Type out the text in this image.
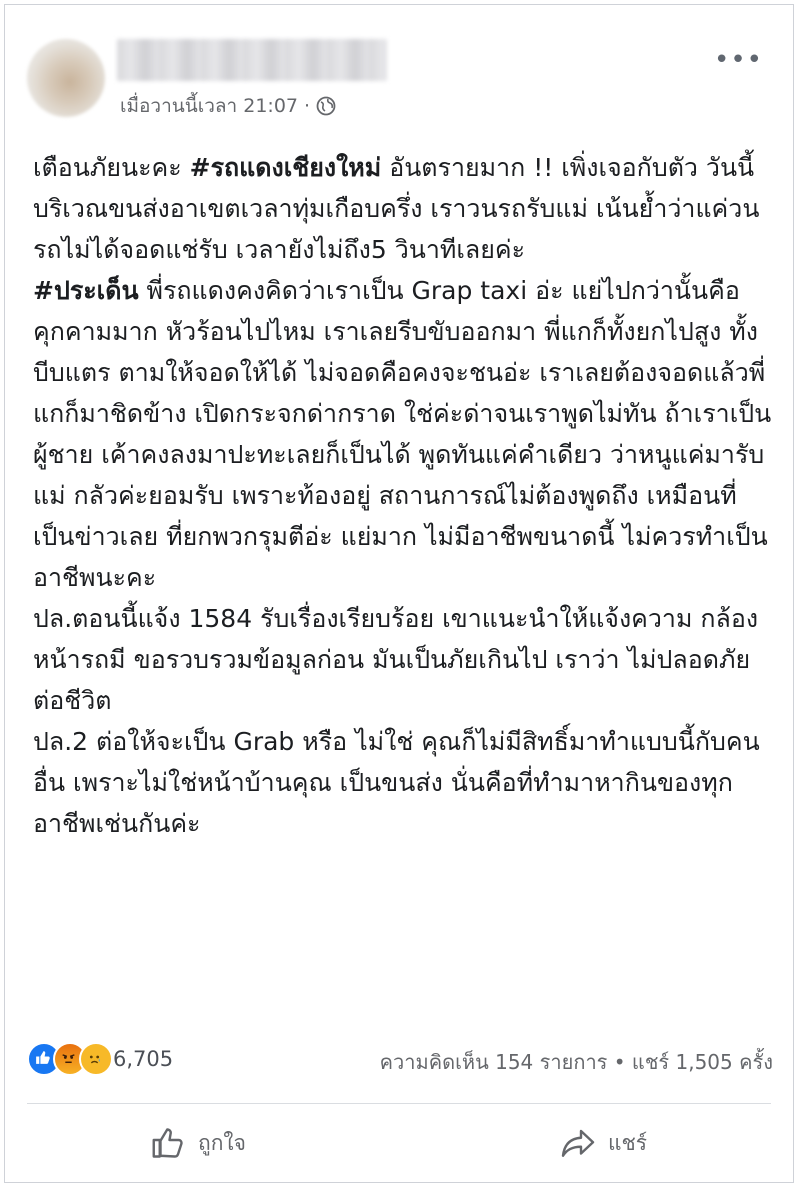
เมื่อวานนี้เวลา 21:07 ·
•••

เตือนภัยนะคะ #รถแดงเชียงใหม่ อันตรายมาก !! เพิ่งเจอกับตัว วันนี้

บริเวณขนส่งอาเขตเวลาทุ่มเกือบครึ่ง เราวนรถรับแม่ เน้นย้ำว่าแค่วนรถไม่ได้จอดแช่รับ เวลายังไม่ถึง5 วินาทีเลยค่ะ

#ประเด็น พี่รถแดงคงคิดว่าเราเป็น Grap taxi อ่ะ แย่ไปกว่านั้นคือคุกคามมาก หัวร้อนไปไหม เราเลยรีบขับออกมา พี่แกก็ทั้งยกไปสูง ทั้งบีบแตร ตามให้จอดให้ได้ ไม่จอดคือคงจะชนอ่ะ เราเลยต้องจอดแล้วพี่แกก็มาชิดข้าง เปิดกระจกด่ากราด ใช่ค่ะด่าจนเราพูดไม่ทัน ถ้าเราเป็นผู้ชาย เค้าคงลงมาปะทะเลยก็เป็นได้ พูดทันแค่คำเดียว ว่าหนูแค่มารับแม่ กลัวค่ะยอมรับ เพราะท้องอยู่ สถานการณ์ไม่ต้องพูดถึง เหมือนที่เป็นข่าวเลย ที่ยกพวกรุมตีอ่ะ แย่มาก ไม่มีอาชีพขนาดนี้ ไม่ควรทำเป็นอาชีพนะคะ

ปล.ตอนนี้แจ้ง 1584 รับเรื่องเรียบร้อย เขาแนะนำให้แจ้งความ กล้องหน้ารถมี ขอรวบรวมข้อมูลก่อน มันเป็นภัยเกินไป เราว่า ไม่ปลอดภัยต่อชีวิต

ปล.2 ต่อให้จะเป็น Grab หรือ ไม่ใช่ คุณก็ไม่มีสิทธิ์มาทำแบบนี้กับคนอื่น เพราะไม่ใช่หน้าบ้านคุณ เป็นขนส่ง นั่นคือที่ทำมาหากินของทุกอาชีพเช่นกันค่ะ

6,705	ความคิดเห็น 154 รายการ • แชร์ 1,505 ครั้ง
ถูกใจ	แชร์
